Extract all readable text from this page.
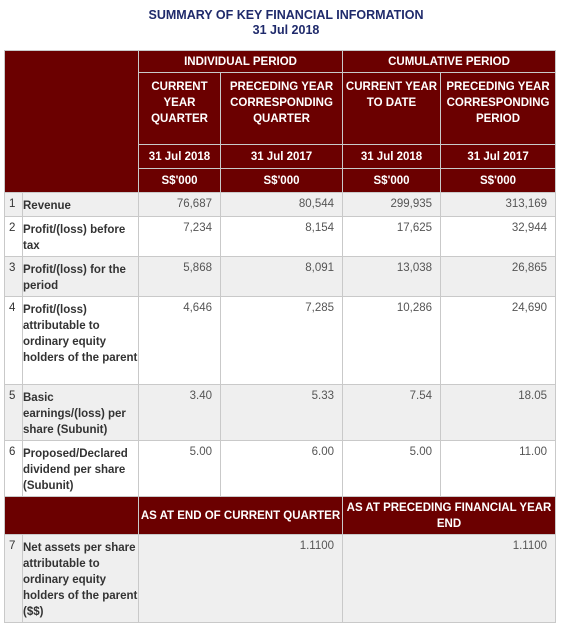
SUMMARY OF KEY FINANCIAL INFORMATION
31 Jul 2018
		INDIVIDUAL PERIOD		CUMULATIVE PERIOD	
		CURRENT YEAR QUARTER	PRECEDING YEAR CORRESPONDING QUARTER	CURRENT YEAR TO DATE	PRECEDING YEAR CORRESPONDING PERIOD
		31 Jul 2018	31 Jul 2017	31 Jul 2018	31 Jul 2017
		S$'000	S$'000	S$'000	S$'000

1	Revenue	76,687	80,544	299,935	313,169
2	Profit/(loss) before tax	7,234	8,154	17,625	32,944
3	Profit/(loss) for the period	5,868	8,091	13,038	26,865
4	Profit/(loss) attributable to ordinary equity holders of the parent	4,646	7,285	10,286	24,690
5	Basic earnings/(loss) per share (Subunit)	3.40	5.33	7.54	18.05
6	Proposed/Declared dividend per share (Subunit)	5.00	6.00	5.00	11.00
		AS AT END OF CURRENT QUARTER		AS AT PRECEDING FINANCIAL YEAR END	
7	Net assets per share attributable to ordinary equity holders of the parent ($$)	1.1100		1.1100	
